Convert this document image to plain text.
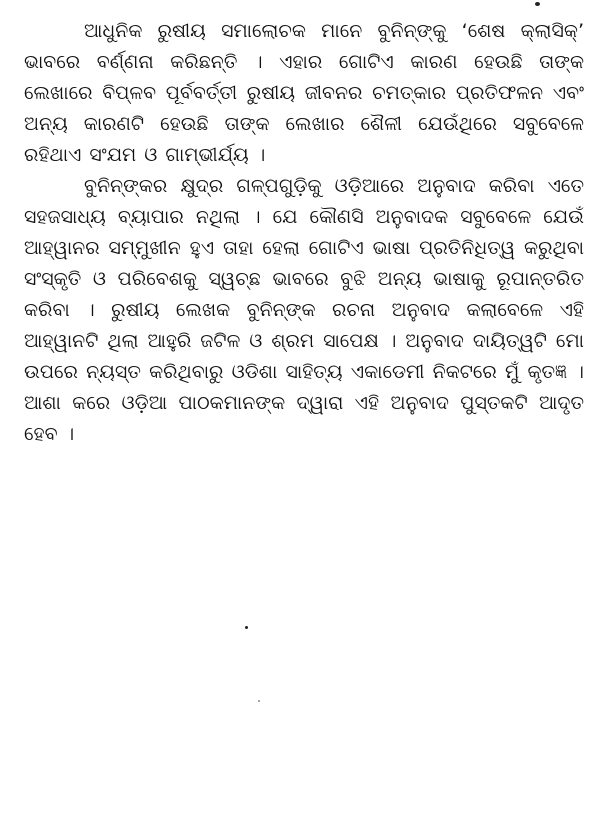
ଆଧୁନିକ ରୁଷୀୟ ସମାଲୋଚକ ମାନେ ବୁନିନ୍‌ଙ୍କୁ ‘ଶେଷ କ୍ଲାସିକ୍‌’ ଭାବରେ ବର୍ଣ୍ଣନା କରିଛନ୍ତି । ଏହାର ଗୋଟିଏ କାରଣ ହେଉଛି ତାଙ୍କ ଲେଖାରେ ବିପ୍ଳବ ପୂର୍ବବର୍ତ୍ତୀ ରୁଷୀୟ ଜୀବନର ଚମତ୍କାର ପ୍ରତିଫଳନ ଏବଂ ଅନ୍ୟ କାରଣଟି ହେଉଛି ତାଙ୍କ ଲେଖାର ଶୈଳୀ ଯେଉଁଥିରେ ସବୁବେଳେ ରହିଥାଏ ସଂଯମ ଓ ଗାମ୍ଭୀର୍ଯ୍ୟ ।

ବୁନିନ୍‌ଙ୍କର କ୍ଷୁଦ୍ର ଗଳ୍ପଗୁଡ଼ିକୁ ଓଡ଼ିଆରେ ଅନୁବାଦ କରିବା ଏତେ ସହଜସାଧ୍ୟ ବ୍ୟାପାର ନଥିଲା । ଯେ କୌଣସି ଅନୁବାଦକ ସବୁବେଳେ ଯେଉଁ ଆହ୍ୱାନର ସମ୍ମୁଖୀନ ହୁଏ ତାହା ହେଲା ଗୋଟିଏ ଭାଷା ପ୍ରତିନିଧିତ୍ୱ କରୁଥିବା ସଂସ୍କୃତି ଓ ପରିବେଶକୁ ସ୍ୱଚ୍ଛ ଭାବରେ ବୁଝି ଅନ୍ୟ ଭାଷାକୁ ରୂପାନ୍ତରିତ କରିବା । ରୁଷୀୟ ଲେଖକ ବୁନିନ୍‌ଙ୍କ ରଚନା ଅନୁବାଦ କଲାବେଳେ ଏହି ଆହ୍ୱାନଟି ଥିଲା ଆହୁରି ଜଟିଳ ଓ ଶ୍ରମ ସାପେକ୍ଷ । ଅନୁବାଦ ଦାୟିତ୍ୱଟି ମୋ ଉପରେ ନ୍ୟସ୍ତ କରିଥିବାରୁ ଓଡିଶା ସାହିତ୍ୟ ଏକାଡେମୀ ନିକଟରେ ମୁଁ କୃତଜ୍ଞ । ଆଶା କରେ ଓଡ଼ିଆ ପାଠକମାନଙ୍କ ଦ୍ୱାରା ଏହି ଅନୁବାଦ ପୁସ୍ତକଟି ଆଦୃତ ହେବ ।
